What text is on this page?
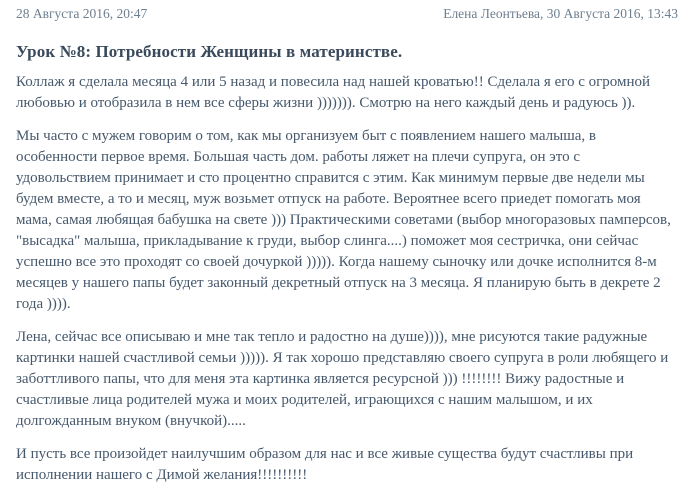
28 Августа 2016, 20:47	Елена Леонтьева, 30 Августа 2016, 13:43
Урок №8: Потребности Женщины в материнстве.

Коллаж я сделала месяца 4 или 5 назад и повесила над нашей кроватью!! Сделала я его с огромной любовью и отобразила в нем все сферы жизни ))))))). Смотрю на него каждый день и радуюсь )).

Мы часто с мужем говорим о том, как мы организуем быт с появлением нашего малыша, в особенности первое время. Большая часть дом. работы ляжет на плечи супруга, он это с удовольствием принимает и сто процентно справится с этим. Как минимум первые две недели мы будем вместе, а то и месяц, муж возьмет отпуск на работе. Вероятнее всего приедет помогать моя мама, самая любящая бабушка на свете ))) Практическими советами (выбор многоразовых памперсов, "высадка" малыша, прикладывание к груди, выбор слинга....) поможет моя сестричка, они сейчас успешно все это проходят со своей дочуркой ))))). Когда нашему сыночку или дочке исполнится 8-м месяцев у нашего папы будет законный декретный отпуск на 3 месяца. Я планирую быть в декрете 2 года )))).

Лена, сейчас все описываю и мне так тепло и радостно на душе)))), мне рисуются такие радужные картинки нашей счастливой семьи ))))). Я так хорошо представляю своего супруга в роли любящего и заботтливого папы, что для меня эта картинка является ресурсной ))) !!!!!!!! Вижу радостные и счастливые лица родителей мужа и моих родителей, играющихся с нашим малышом, и их долгожданным внуком (внучкой).....

И пусть все произойдет наилучшим образом для нас и все живые существа будут счастливы при исполнении нашего с Димой желания!!!!!!!!!!
